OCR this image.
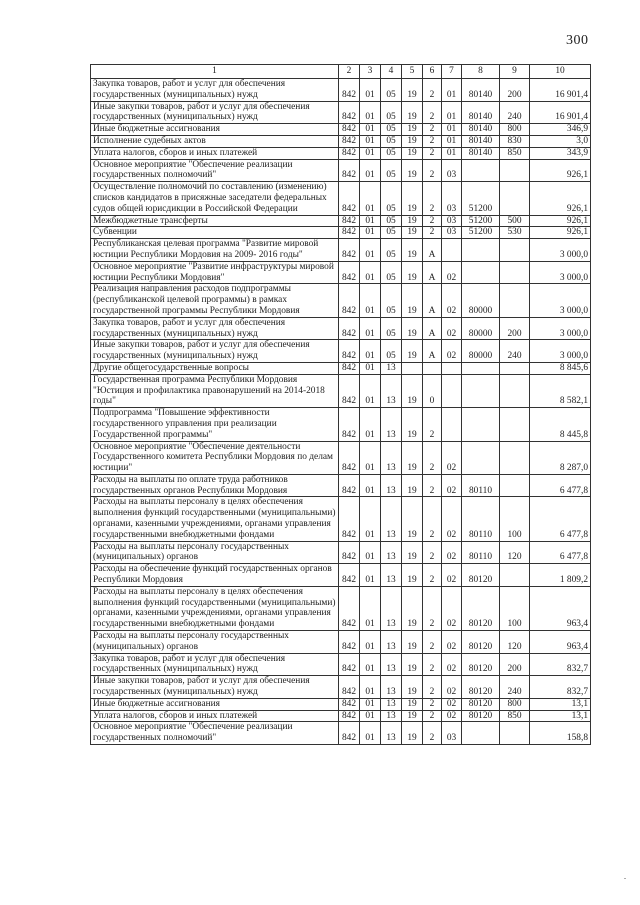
300
1	2	3	4	5	6	7	8	9	10
Закупка товаров, работ и услуг для обеспечения государственных (муниципальных) нужд	842	01	05	19	2	01	80140	200	16 901,4
Иные закупки товаров, работ и услуг для обеспечения государственных (муниципальных) нужд	842	01	05	19	2	01	80140	240	16 901,4
Иные бюджетные ассигнования	842	01	05	19	2	01	80140	800	346,9
Исполнение судебных актов	842	01	05	19	2	01	80140	830	3,0
Уплата налогов, сборов и иных платежей	842	01	05	19	2	01	80140	850	343,9
Основное мероприятие "Обеспечение реализации государственных полномочий"	842	01	05	19	2	03			926,1
Осуществление полномочий по составлению (изменению) списков кандидатов в присяжные заседатели федеральных судов общей юрисдикции в Российской Федерации	842	01	05	19	2	03	51200		926,1
Межбюджетные трансферты	842	01	05	19	2	03	51200	500	926,1
Субвенции	842	01	05	19	2	03	51200	530	926,1
Республиканская целевая программа "Развитие мировой юстиции Республики Мордовия на 2009- 2016 годы"	842	01	05	19	А				3 000,0
Основное мероприятие "Развитие инфраструктуры мировой юстиции Республики Мордовия"	842	01	05	19	А	02			3 000,0
Реализация направления расходов подпрограммы (республиканской целевой программы) в рамках государственной программы Республики Мордовия	842	01	05	19	А	02	80000		3 000,0
Закупка товаров, работ и услуг для обеспечения государственных (муниципальных) нужд	842	01	05	19	А	02	80000	200	3 000,0
Иные закупки товаров, работ и услуг для обеспечения государственных (муниципальных) нужд	842	01	05	19	А	02	80000	240	3 000,0
Другие общегосударственные вопросы	842	01	13						8 845,6
Государственная программа Республики Мордовия "Юстиция и профилактика правонарушений на 2014-2018 годы"	842	01	13	19	0				8 582,1
Подпрограмма "Повышение эффективности государственного управления при реализации Государственной программы"	842	01	13	19	2				8 445,8
Основное мероприятие "Обеспечение деятельности Государственного комитета Республики Мордовия по делам юстиции"	842	01	13	19	2	02			8 287,0
Расходы на выплаты по оплате труда работников государственных органов Республики Мордовия	842	01	13	19	2	02	80110		6 477,8
Расходы на выплаты персоналу в целях обеспечения выполнения функций государственными (муниципальными) органами, казенными учреждениями, органами управления государственными внебюджетными фондами	842	01	13	19	2	02	80110	100	6 477,8
Расходы на выплаты персоналу государственных (муниципальных) органов	842	01	13	19	2	02	80110	120	6 477,8
Расходы на обеспечение функций государственных органов Республики Мордовия	842	01	13	19	2	02	80120		1 809,2
Расходы на выплаты персоналу в целях обеспечения выполнения функций государственными (муниципальными) органами, казенными учреждениями, органами управления государственными внебюджетными фондами	842	01	13	19	2	02	80120	100	963,4
Расходы на выплаты персоналу государственных (муниципальных) органов	842	01	13	19	2	02	80120	120	963,4
Закупка товаров, работ и услуг для обеспечения государственных (муниципальных) нужд	842	01	13	19	2	02	80120	200	832,7
Иные закупки товаров, работ и услуг для обеспечения государственных (муниципальных) нужд	842	01	13	19	2	02	80120	240	832,7
Иные бюджетные ассигнования	842	01	13	19	2	02	80120	800	13,1
Уплата налогов, сборов и иных платежей	842	01	13	19	2	02	80120	850	13,1
Основное мероприятие "Обеспечение реализации государственных полномочий"	842	01	13	19	2	03			158,8
.
